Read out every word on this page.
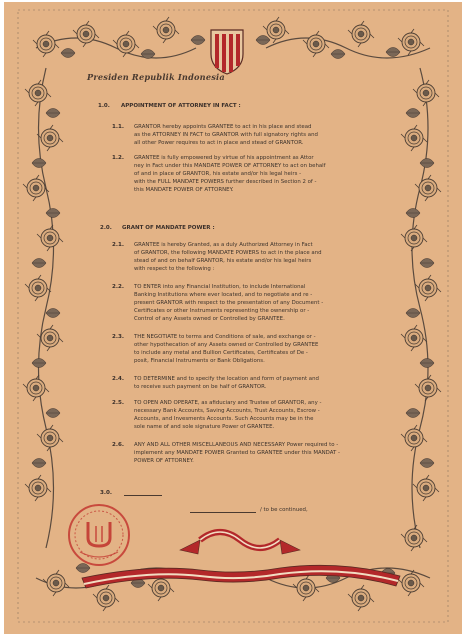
Presiden Republik Indonesia
1.0. APPOINTMENT OF ATTORNEY IN FACT :
1.1. GRANTOR hereby appoints GRANTEE to act in his place and stead
as the ATTORNEY IN FACT to GRANTOR with full signatory rights and
all other Power requires to act in place and stead of GRANTOR.
1.2. GRANTEE is fully empowered by virtue of his appointment as Attor
ney in Fact under this MANDATE POWER OF ATTORNEY to act on behalf
of and in place of GRANTOR, his estate and/or his legal heirs -
with the FULL MANDATE POWERS further described in Section 2 of -
this MANDATE POWER OF ATTORNEY.
2.0. GRANT OF MANDATE POWER :
2.1. GRANTEE is hereby Granted, as a duly Authorized Attorney in Fact
of GRANTOR, the following MANDATE POWERS to act in the place and
stead of and on behalf GRANTOR, his estate and/or his legal heirs
with respect to the following :
2.2. TO ENTER into any Financial Institution, to include International
Banking Institutions where ever located, and to negotiate and re -
present GRANTOR with respect to the presentation of any Document -
Certificates or other Instruments representing the ownership or -
Control of any Assets owned or Controlled by GRANTEE.
2.3. THE NEGOTIATE to terms and Conditions of sale, and exchange or -
other hypothecation of any Assets owned or Controlled by GRANTEE
to include any metal and Bullion Certificates, Certificates of De -
posit, Financial Instruments or Bank Obligations.
2.4. TO DETERMINE and to specify the location and form of payment and
to receive such payment on be half of GRANTOR.
2.5. TO OPEN AND OPERATE, as afiduciary and Trustee of GRANTOR, any -
necessary Bank Accounts, Saving Accounts, Trust Accounts, Escrow -
Accounts, and Invesments Accounts. Such Accounts may be in the
sole name of and sole signature Power of GRANTEE.
2.6. ANY AND ALL OTHER MISCELLANEOUS AND NECESSARY Power required to -
implement any MANDATE POWER Granted to GRANTEE under this MANDAT -
POWER OF ATTORNEY.
3.0.
/ to be continued,
